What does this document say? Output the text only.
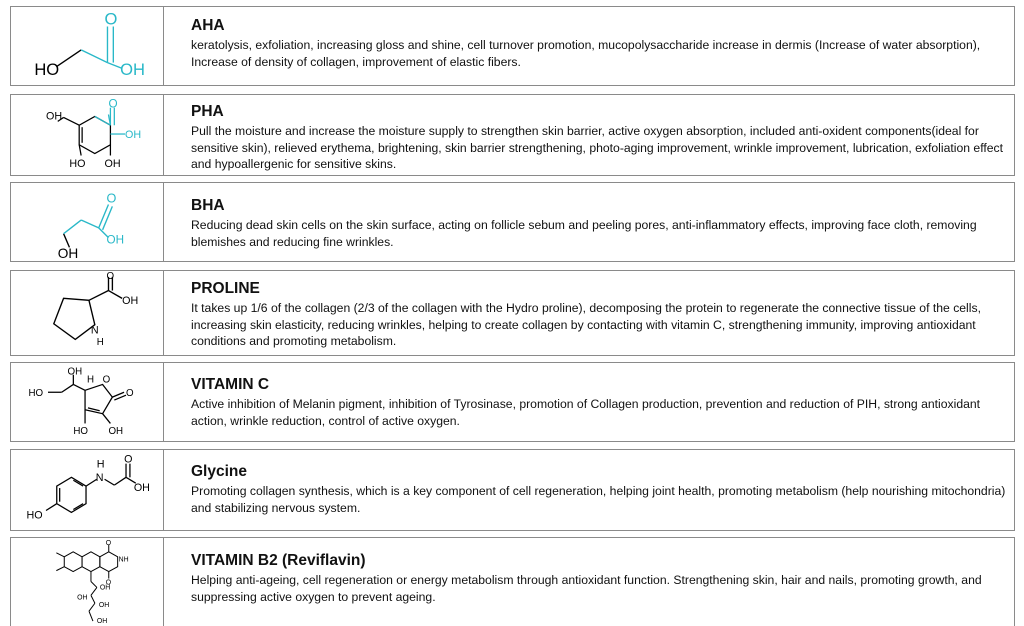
HO	OH
O	AHA

keratolysis, exfoliation, increasing gloss and shine, cell turnover promotion, mucopolysaccharide increase in dermis (Increase of water absorption), Increase of density of collagen, improvement of elastic fibers.

OH
O
OH
HO OH

PHA

Pull the moisture and increase the moisture supply to strengthen skin barrier, active oxygen absorption, included anti-oxident components(ideal for sensitive skin), relieved erythema, brightening, skin barrier strengthening, photo-aging improvement, wrinkle improvement, lubrication, exfoliation effect and hypoallergenic for sensitive skins.

O
OH
OH

BHA

Reducing dead skin cells on the skin surface, acting on follicle sebum and peeling pores, anti-inflammatory effects, improving face cloth, removing blemishes and reducing fine wrinkles.

O
OH
N
H

PROLINE

It takes up 1/6 of the collagen (2/3 of the collagen with the Hydro proline), decomposing the protein to regenerate the connective tissue of the cells, increasing skin elasticity, reducing wrinkles, helping to create collagen by contacting with vitamin C, strengthening immunity, improving antioxidant conditions and promoting metabolism.

OH
HO
H O
O
HO OH

VITAMIN C

Active inhibition of Melanin pigment, inhibition of Tyrosinase, promotion of Collagen production, prevention and reduction of PIH, strong antioxidant action, wrinkle reduction, control of active oxygen.

H
N
O
OH
HO

Glycine

Promoting collagen synthesis, which is a key component of cell regeneration, helping joint health, promoting metabolism (help nourishing mitochondria) and stabilizing nervous system.

O
NH
O
OH
OH
OH
OH

VITAMIN B2 (Reviflavin)

Helping anti-ageing, cell regeneration or energy metabolism through antioxidant function. Strengthening skin, hair and nails, promoting growth, and suppressing active oxygen to prevent ageing.
